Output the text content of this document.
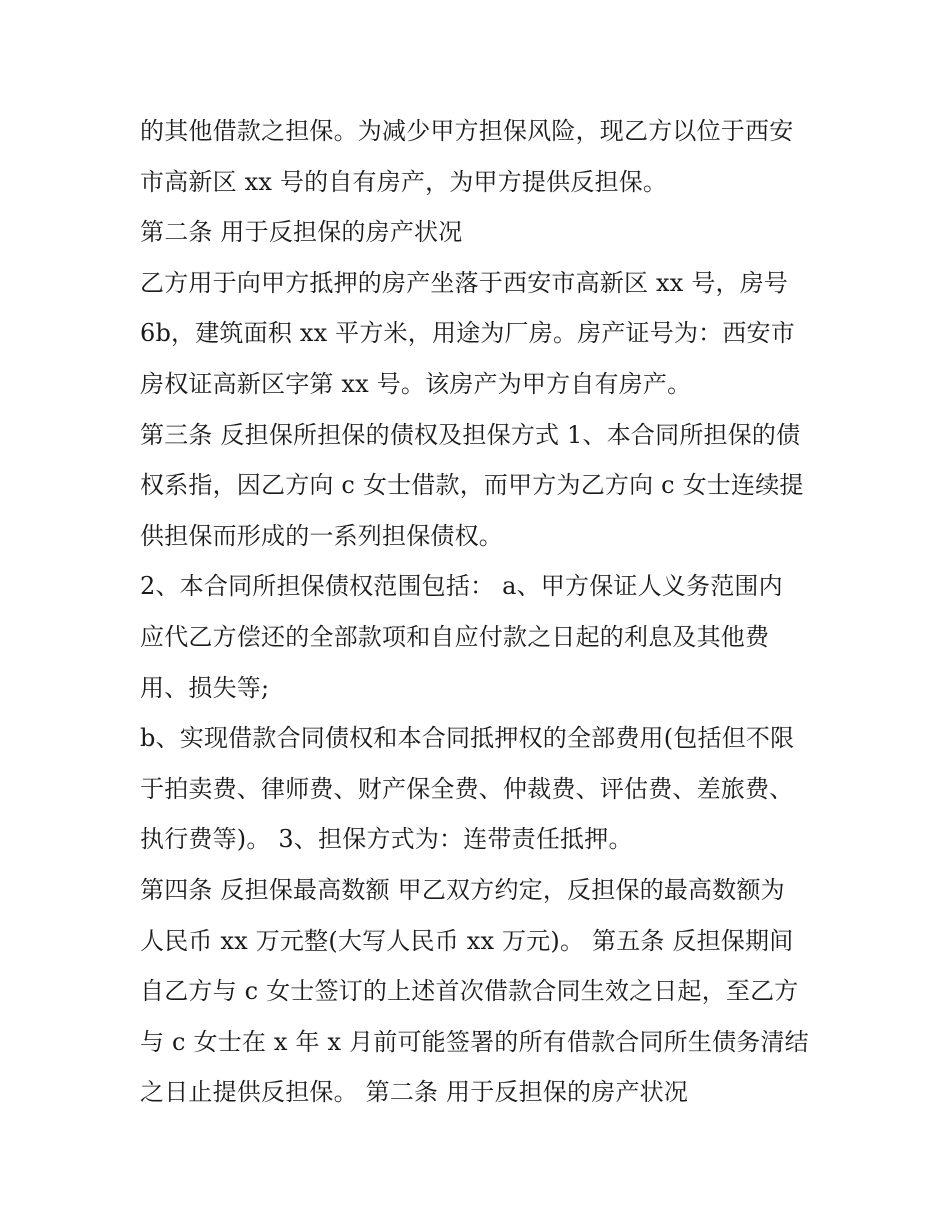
的其他借款之担保。为减少甲方担保风险，现乙方以位于西安
市高新区 xx 号的自有房产，为甲方提供反担保。
第二条 用于反担保的房产状况
乙方用于向甲方抵押的房产坐落于西安市高新区 xx 号，房号
6b，建筑面积 xx 平方米，用途为厂房。房产证号为：西安市
房权证高新区字第 xx 号。该房产为甲方自有房产。
第三条 反担保所担保的债权及担保方式 1、本合同所担保的债
权系指，因乙方向 c 女士借款，而甲方为乙方向 c 女士连续提
供担保而形成的一系列担保债权。
2、本合同所担保债权范围包括： a、甲方保证人义务范围内
应代乙方偿还的全部款项和自应付款之日起的利息及其他费
用、损失等;
b、实现借款合同债权和本合同抵押权的全部费用(包括但不限
于拍卖费、律师费、财产保全费、仲裁费、评估费、差旅费、
执行费等)。 3、担保方式为：连带责任抵押。
第四条 反担保最高数额 甲乙双方约定，反担保的最高数额为
人民币 xx 万元整(大写人民币 xx 万元)。 第五条 反担保期间
自乙方与 c 女士签订的上述首次借款合同生效之日起，至乙方
与 c 女士在 x 年 x 月前可能签署的所有借款合同所生债务清结
之日止提供反担保。 第二条 用于反担保的房产状况
